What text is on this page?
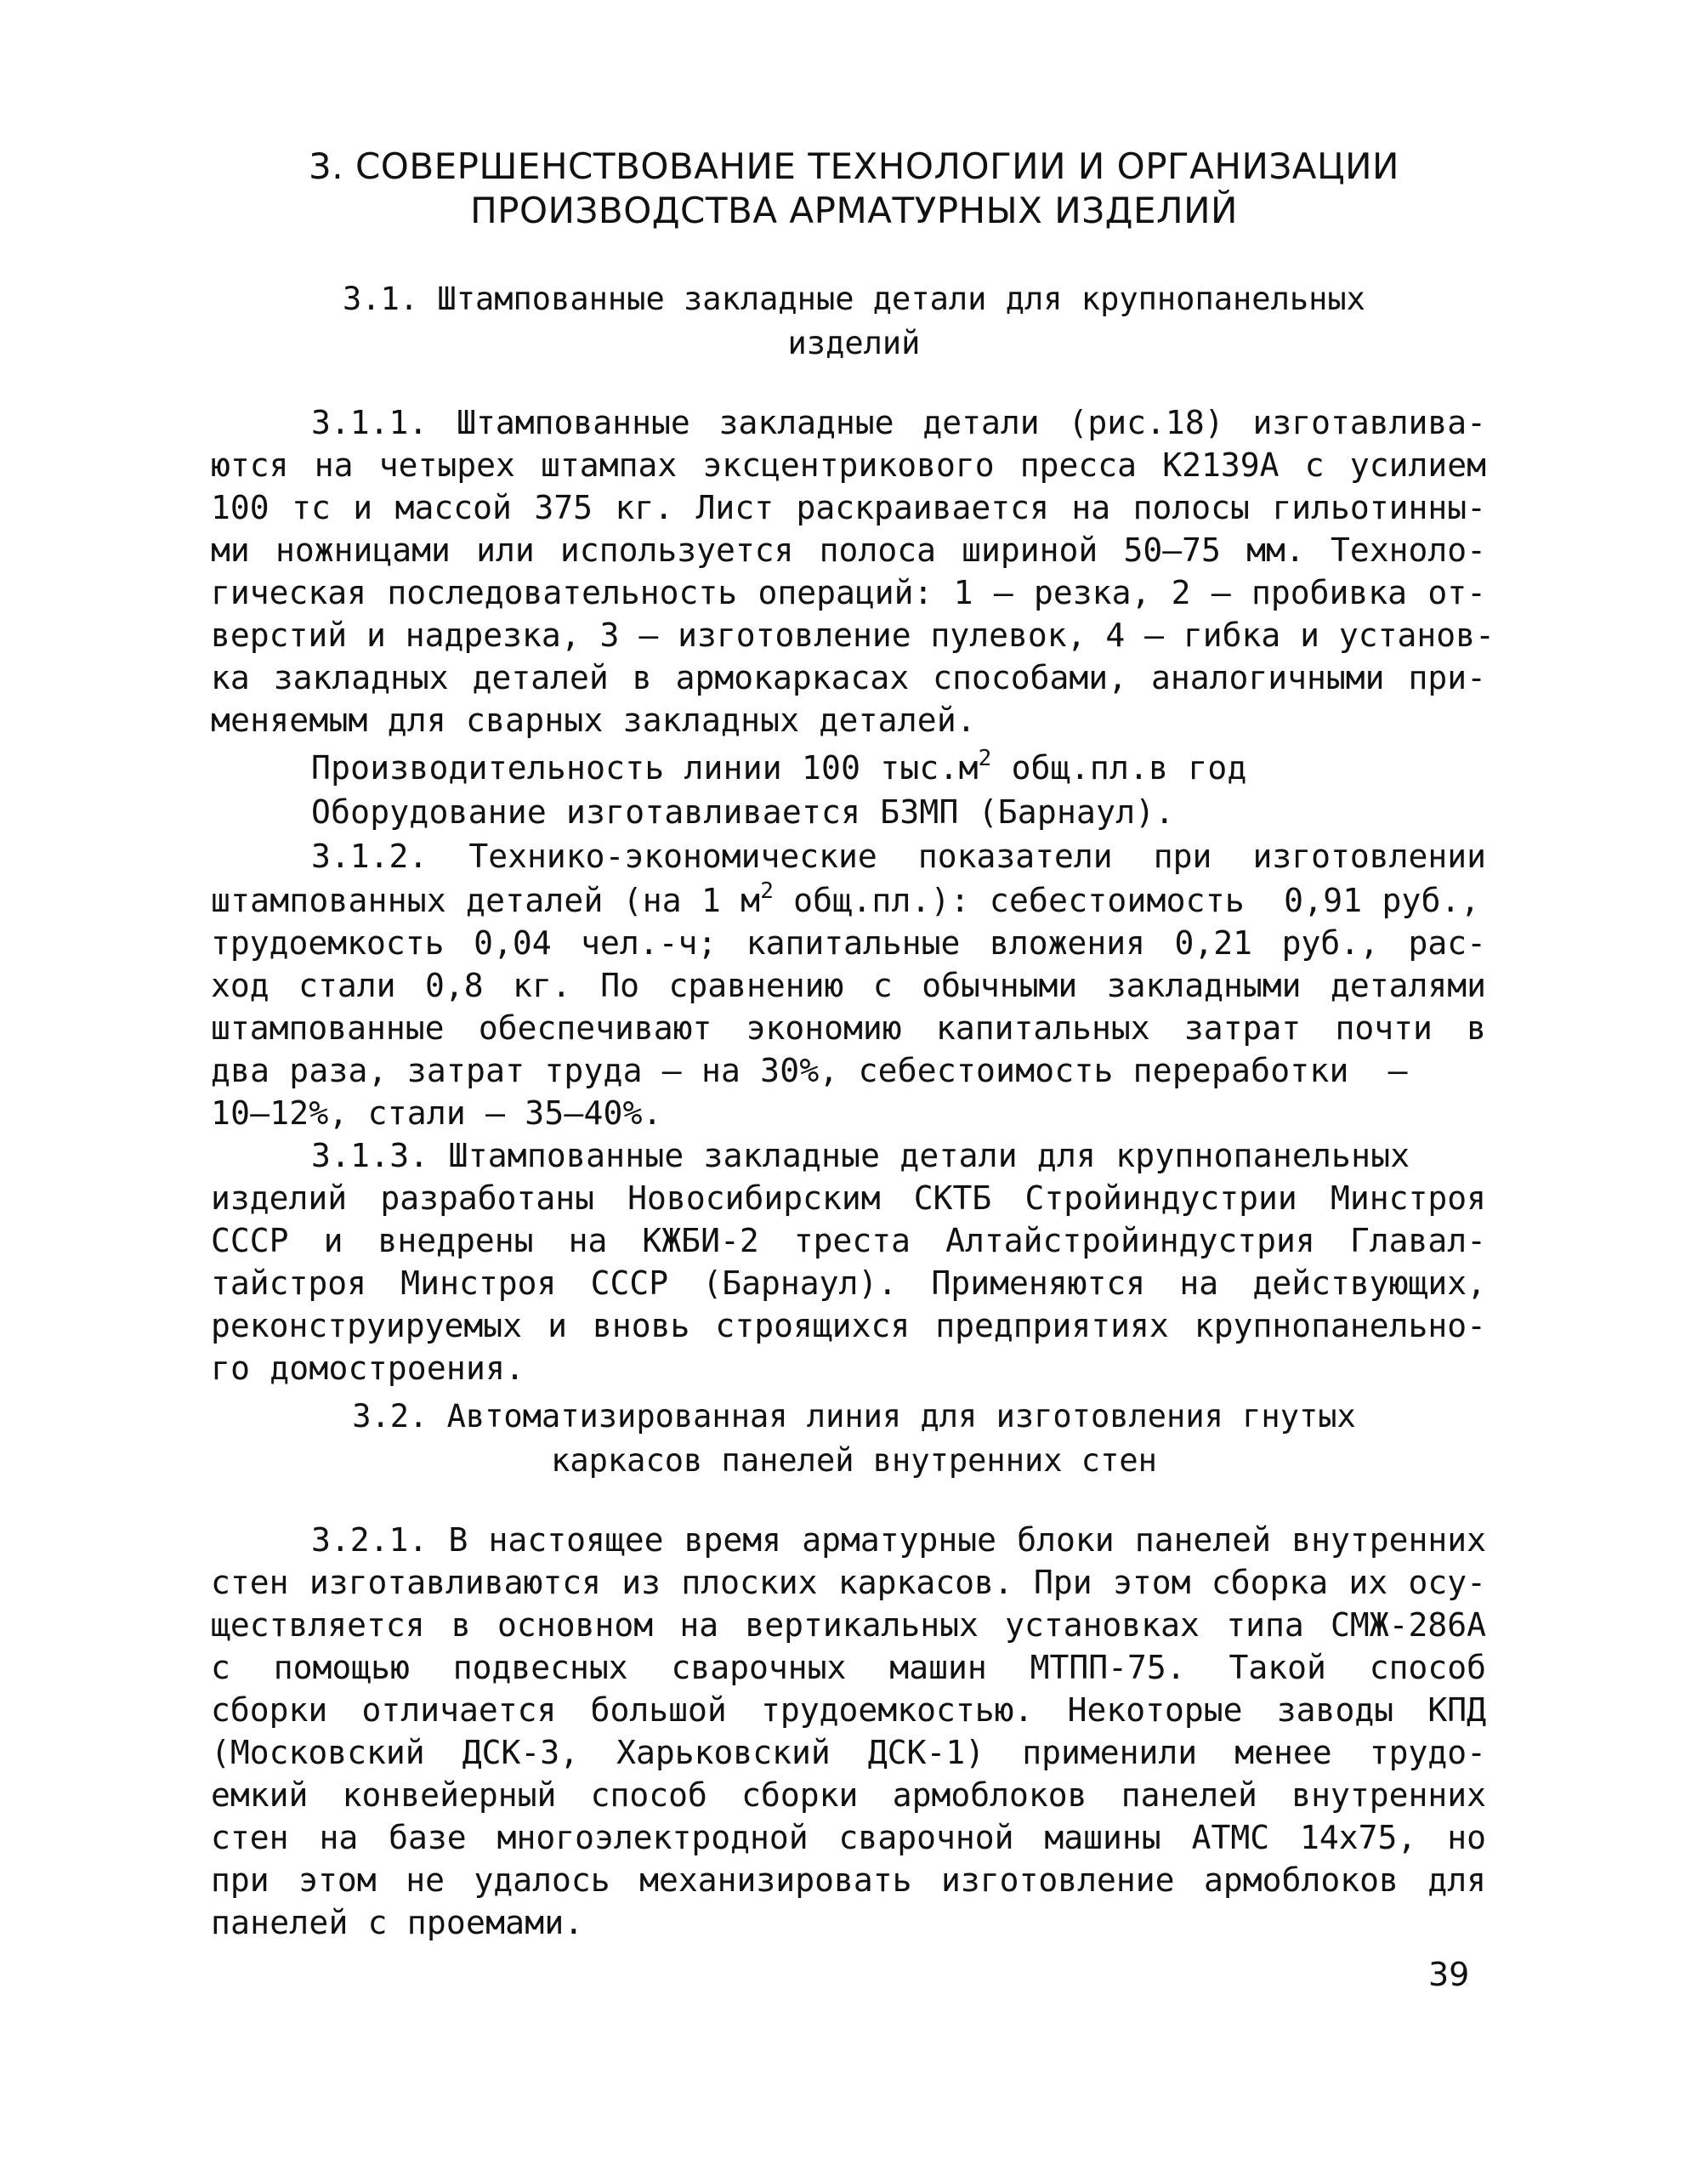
3. СОВЕРШЕНСТВОВАНИЕ ТЕХНОЛОГИИ И ОРГАНИЗАЦИИ
ПРОИЗВОДСТВА АРМАТУРНЫХ ИЗДЕЛИЙ
3.1. Штампованные закладные детали для крупнопанельных
изделий
3.1.1. Штампованные закладные детали (рис.18) изготавлива-
ются на четырех штампах эксцентрикового пресса К2139А с усилием
100 тс и массой 375 кг. Лист раскраивается на полосы гильотинны-
ми ножницами или используется полоса шириной 50–75 мм. Техноло-
гическая последовательность операций: 1 – резка, 2 – пробивка от-
верстий и надрезка, 3 – изготовление пулевок, 4 – гибка и установ-
ка закладных деталей в армокаркасах способами, аналогичными при-
меняемым для сварных закладных деталей.
Производительность линии 100 $тыс.м^2$ общ.пл.в год
Оборудование изготавливается БЗМП (Барнаул).
3.1.2. Технико-экономические показатели при изготовлении
штампованных деталей (на 1 $м^2$ общ.пл.): себестоимость  0,91 руб.,
трудоемкость 0,04 чел.-ч; капитальные вложения 0,21 руб., рас-
ход стали 0,8 кг. По сравнению с обычными закладными деталями
штампованные обеспечивают экономию капитальных затрат почти в
два раза, затрат труда – на 30%, себестоимость переработки  –
10–12%, стали – 35–40%.
3.1.3. Штампованные закладные детали для крупнопанельных
изделий разработаны Новосибирским СКТБ Стройиндустрии Минстроя
СССР и внедрены на КЖБИ-2 треста Алтайстройиндустрия Главал-
тайстроя Минстроя СССР (Барнаул). Применяются на действующих,
реконструируемых и вновь строящихся предприятиях крупнопанельно-
го домостроения.
3.2. Автоматизированная линия для изготовления гнутых
каркасов панелей внутренних стен
3.2.1. В настоящее время арматурные блоки панелей внутренних
стен изготавливаются из плоских каркасов. При этом сборка их осу-
ществляется в основном на вертикальных установках типа СМЖ-286А
с помощью подвесных сварочных машин МТПП-75. Такой способ
сборки отличается большой трудоемкостью. Некоторые заводы КПД
(Московский ДСК-3, Харьковский ДСК-1) применили менее трудо-
емкий конвейерный способ сборки армоблоков панелей внутренних
стен на базе многоэлектродной сварочной машины АТМС 14х75, но
при этом не удалось механизировать изготовление армоблоков для
панелей с проемами.
39
